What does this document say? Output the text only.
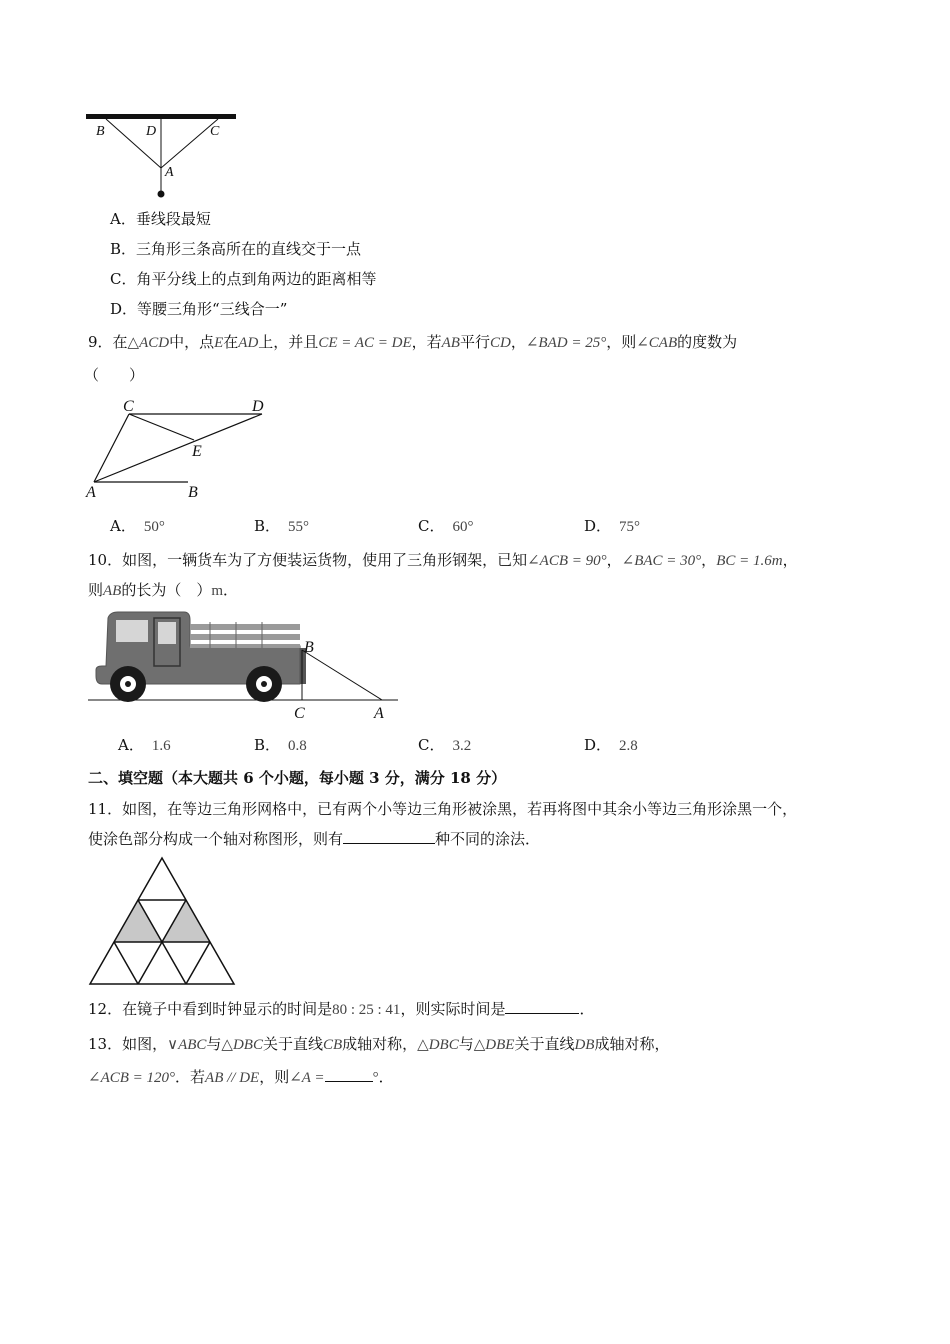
B	D	C
A
A．垂线段最短
B．三角形三条高所在的直线交于一点
C．角平分线上的点到角两边的距离相等
D．等腰三角形“三线合一”
9．在△ACD中，点E在AD上，并且CE = AC = DE，若AB平行CD，∠BAD = 25°，则∠CAB的度数为
（　　）
C	D
E
A	B
A． 50°	B． 55°	C． 60°	D． 75°
10．如图，一辆货车为了方便装运货物，使用了三角形钢架，已知∠ACB = 90°，∠BAC = 30°，BC = 1.6m，
则AB的长为（　）m．
B
C	A
A． 1.6	B． 0.8	C． 3.2	D． 2.8
二、填空题（本大题共 6 个小题，每小题 3 分，满分 18 分）
11．如图，在等边三角形网格中，已有两个小等边三角形被涂黑，若再将图中其余小等边三角形涂黑一个，
使涂色部分构成一个轴对称图形，则有	种不同的涂法．
12．在镜子中看到时钟显示的时间是80 : 25 : 41，则实际时间是	．
13．如图，∨ABC与△DBC关于直线CB成轴对称，△DBC与△DBE关于直线DB成轴对称，
∠ACB = 120°．若AB // DE，则∠A =	°．
